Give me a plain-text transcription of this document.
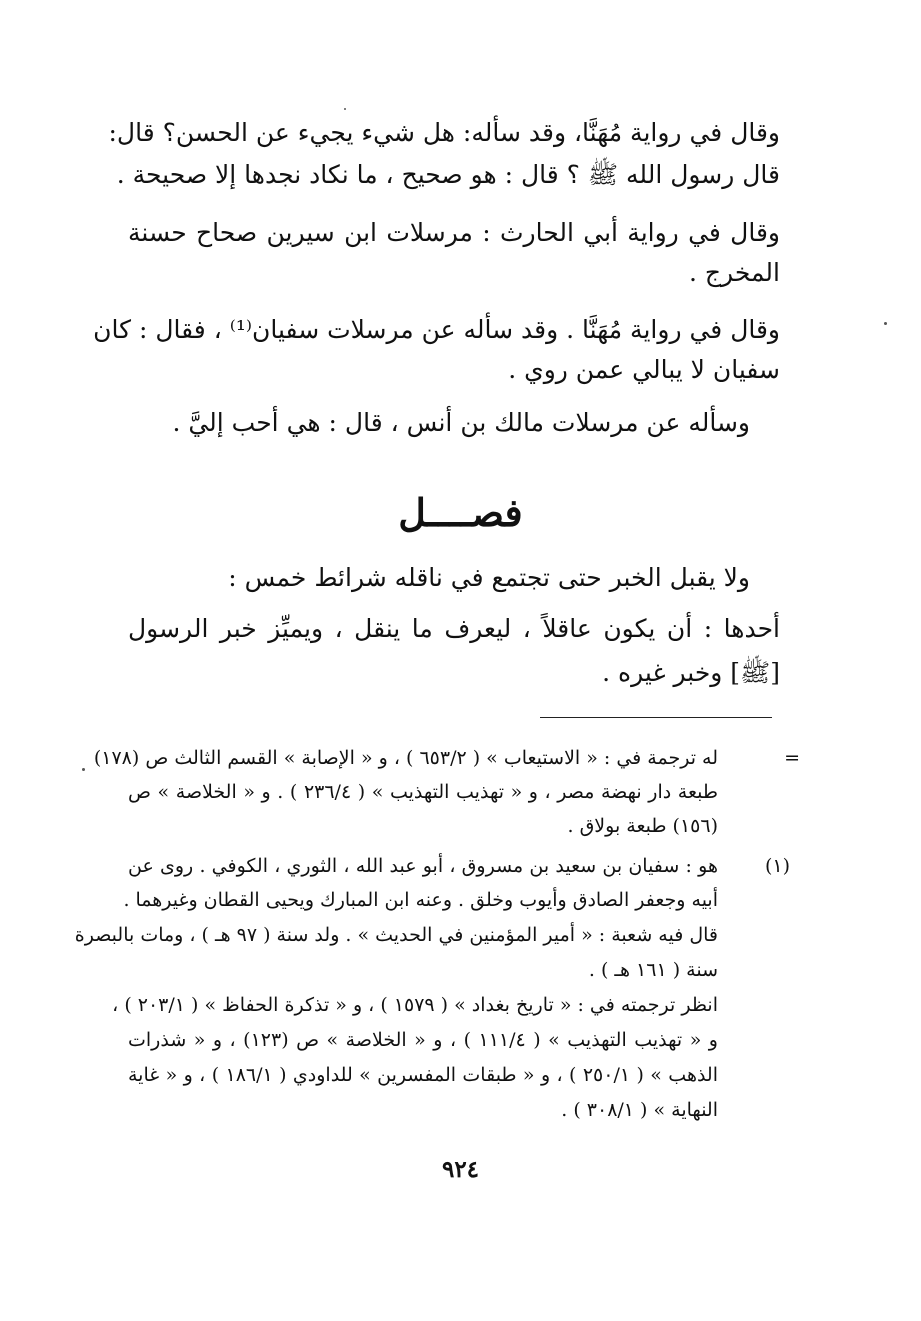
وقال في رواية مُهَنَّا، وقد سأله: هل شيء يجيء عن الحسن؟ قال:
قال رسول الله ﷺ ؟ قال : هو صحيح ، ما نكاد نجدها إلا صحيحة .
وقال في رواية أبي الحارث : مرسلات ابن سيرين صحاح حسنة
المخرج .
وقال في رواية مُهَنَّا . وقد سأله عن مرسلات سفيان⁽¹⁾ ، فقال : كان
سفيان لا يبالي عمن روي .
وسأله عن مرسلات مالك بن أنس ، قال : هي أحب إليَّ .
فصــــل
ولا يقبل الخبر حتى تجتمع في ناقله شرائط خمس :
أحدها : أن يكون عاقلاً ، ليعرف ما ينقل ، ويميِّز خبر الرسول
[ﷺ] وخبر غيره .
=
له ترجمة في : « الاستيعاب » ( ٦٥٣/٢ ) ، و « الإصابة » القسم الثالث ص (١٧٨)
طبعة دار نهضة مصر ، و « تهذيب التهذيب » ( ٢٣٦/٤ ) . و « الخلاصة » ص
(١٥٦) طبعة بولاق .
(١)
هو : سفيان بن سعيد بن مسروق ، أبو عبد الله ، الثوري ، الكوفي . روى عن
أبيه وجعفر الصادق وأيوب وخلق . وعنه ابن المبارك ويحيى القطان وغيرهما .
قال فيه شعبة : « أمير المؤمنين في الحديث » . ولد سنة ( ٩٧ هـ ) ، ومات بالبصرة
سنة ( ١٦١ هـ ) .
انظر ترجمته في : « تاريخ بغداد » ( ١٥٧٩ ) ، و « تذكرة الحفاظ » ( ٢٠٣/١ ) ،
و « تهذيب التهذيب » ( ١١١/٤ ) ، و « الخلاصة » ص (١٢٣) ، و « شذرات
الذهب » ( ٢٥٠/١ ) ، و « طبقات المفسرين » للداودي ( ١٨٦/١ ) ، و « غاية
النهاية » ( ٣٠٨/١ ) .
٩٢٤
